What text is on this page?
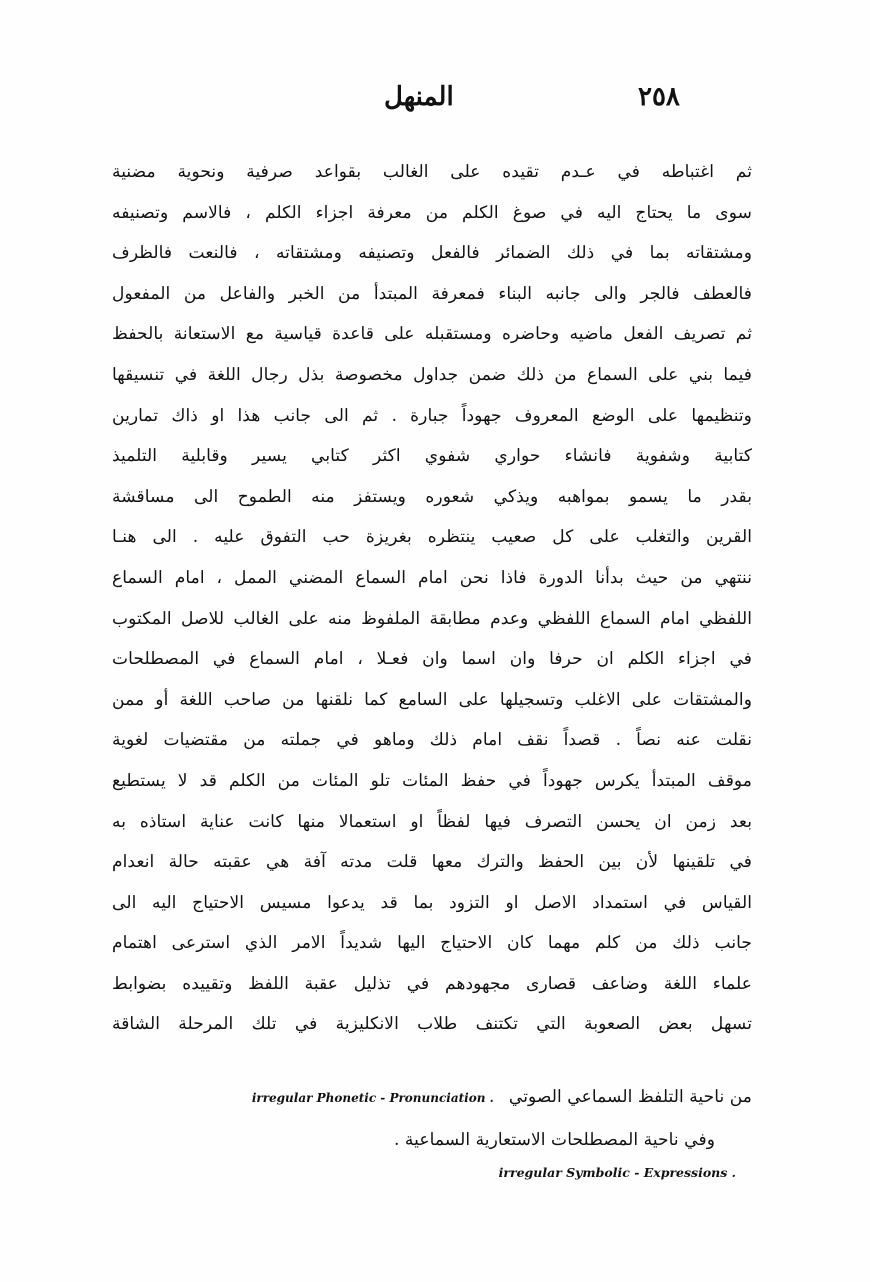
٢٥٨
المنهل
ثم اغتباطه في عـدم تقيده على الغالب بقواعد صرفية ونحوية مضنية
سوى ما يحتاج اليه في صوغ الكلم من معرفة اجزاء الكلم ، فالاسم وتصنيفه
ومشتقاته بما في ذلك الضمائر فالفعل وتصنيفه ومشتقاته ، فالنعت فالظرف
فالعطف فالجر والى جانبه البناء فمعرفة المبتدأ من الخبر والفاعل من المفعول
ثم تصريف الفعل ماضيه وحاضره ومستقبله على قاعدة قياسية مع الاستعانة بالحفظ
فيما بني على السماع من ذلك ضمن جداول مخصوصة بذل رجال اللغة في تنسيقها
وتنظيمها على الوضع المعروف جهوداً جبارة . ثم الى جانب هذا او ذاك تمارين
كتابية وشفوية فانشاء حواري شفوي اكثر كتابي يسير وقابلية التلميذ
بقدر ما يسمو بمواهبه ويذكي شعوره ويستفز منه الطموح الى مساقشة
القرين والتغلب على كل صعيب ينتظره بغريزة حب التفوق عليه . الى هنـا
ننتهي من حيث بدأنا الدورة فاذا نحن امام السماع المضني الممل ، امام السماع
اللفظي امام السماع اللفظي وعدم مطابقة الملفوظ منه على الغالب للاصل المكتوب
في اجزاء الكلم ان حرفا وان اسما وان فعـلا ، امام السماع في المصطلحات
والمشتقات على الاغلب وتسجيلها على السامع كما نلقنها من صاحب اللغة أو ممن
نقلت عنه نصاً . قصداً نقف امام ذلك وماهو في جملته من مقتضيات لغوية
موقف المبتدأ يكرس جهوداً في حفظ المئات تلو المئات من الكلم قد لا يستطيع
بعد زمن ان يحسن التصرف فيها لفظاً او استعمالا منها كانت عناية استاذه به
في تلقينها لأن بين الحفظ والترك معها قلت مدته آفة هي عقبته حالة انعدام
القياس في استمداد الاصل او التزود بما قد يدعوا مسيس الاحتياج اليه الى
جانب ذلك من كلم مهما كان الاحتياج اليها شديداً الامر الذي استرعى اهتمام
علماء اللغة وضاعف قصارى مجهودهم في تذليل عقبة اللفظ وتقييده بضوابط
تسهل بعض الصعوبة التي تكتنف طلاب الانكليزية في تلك المرحلة الشاقة
من ناحية التلفظ السماعي الصوتي irregular Phonetic - Pronunciation .
وفي ناحية المصطلحات الاستعارية السماعية .
irregular Symbolic - Expressions .
